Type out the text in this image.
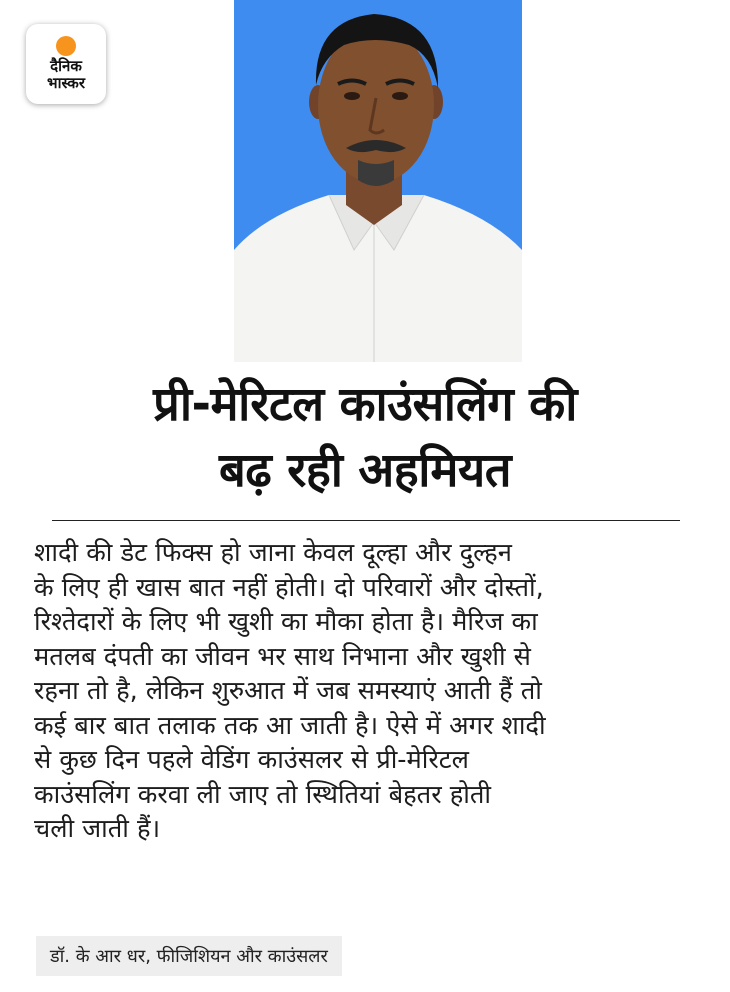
दैनिक
भास्कर
प्री-मेरिटल काउंसलिंग की
बढ़ रही अहमियत
शादी की डेट फिक्स हो जाना केवल दूल्हा और दुल्हन
के लिए ही खास बात नहीं होती। दो परिवारों और दोस्तों,
रिश्तेदारों के लिए भी खुशी का मौका होता है। मैरिज का
मतलब दंपती का जीवन भर साथ निभाना और खुशी से
रहना तो है, लेकिन शुरुआत में जब समस्याएं आती हैं तो
कई बार बात तलाक तक आ जाती है। ऐसे में अगर शादी
से कुछ दिन पहले वेडिंग काउंसलर से प्री-मेरिटल
काउंसलिंग करवा ली जाए तो स्थितियां बेहतर होती
चली जाती हैं।
डॉ. के आर धर, फीजिशियन और काउंसलर
